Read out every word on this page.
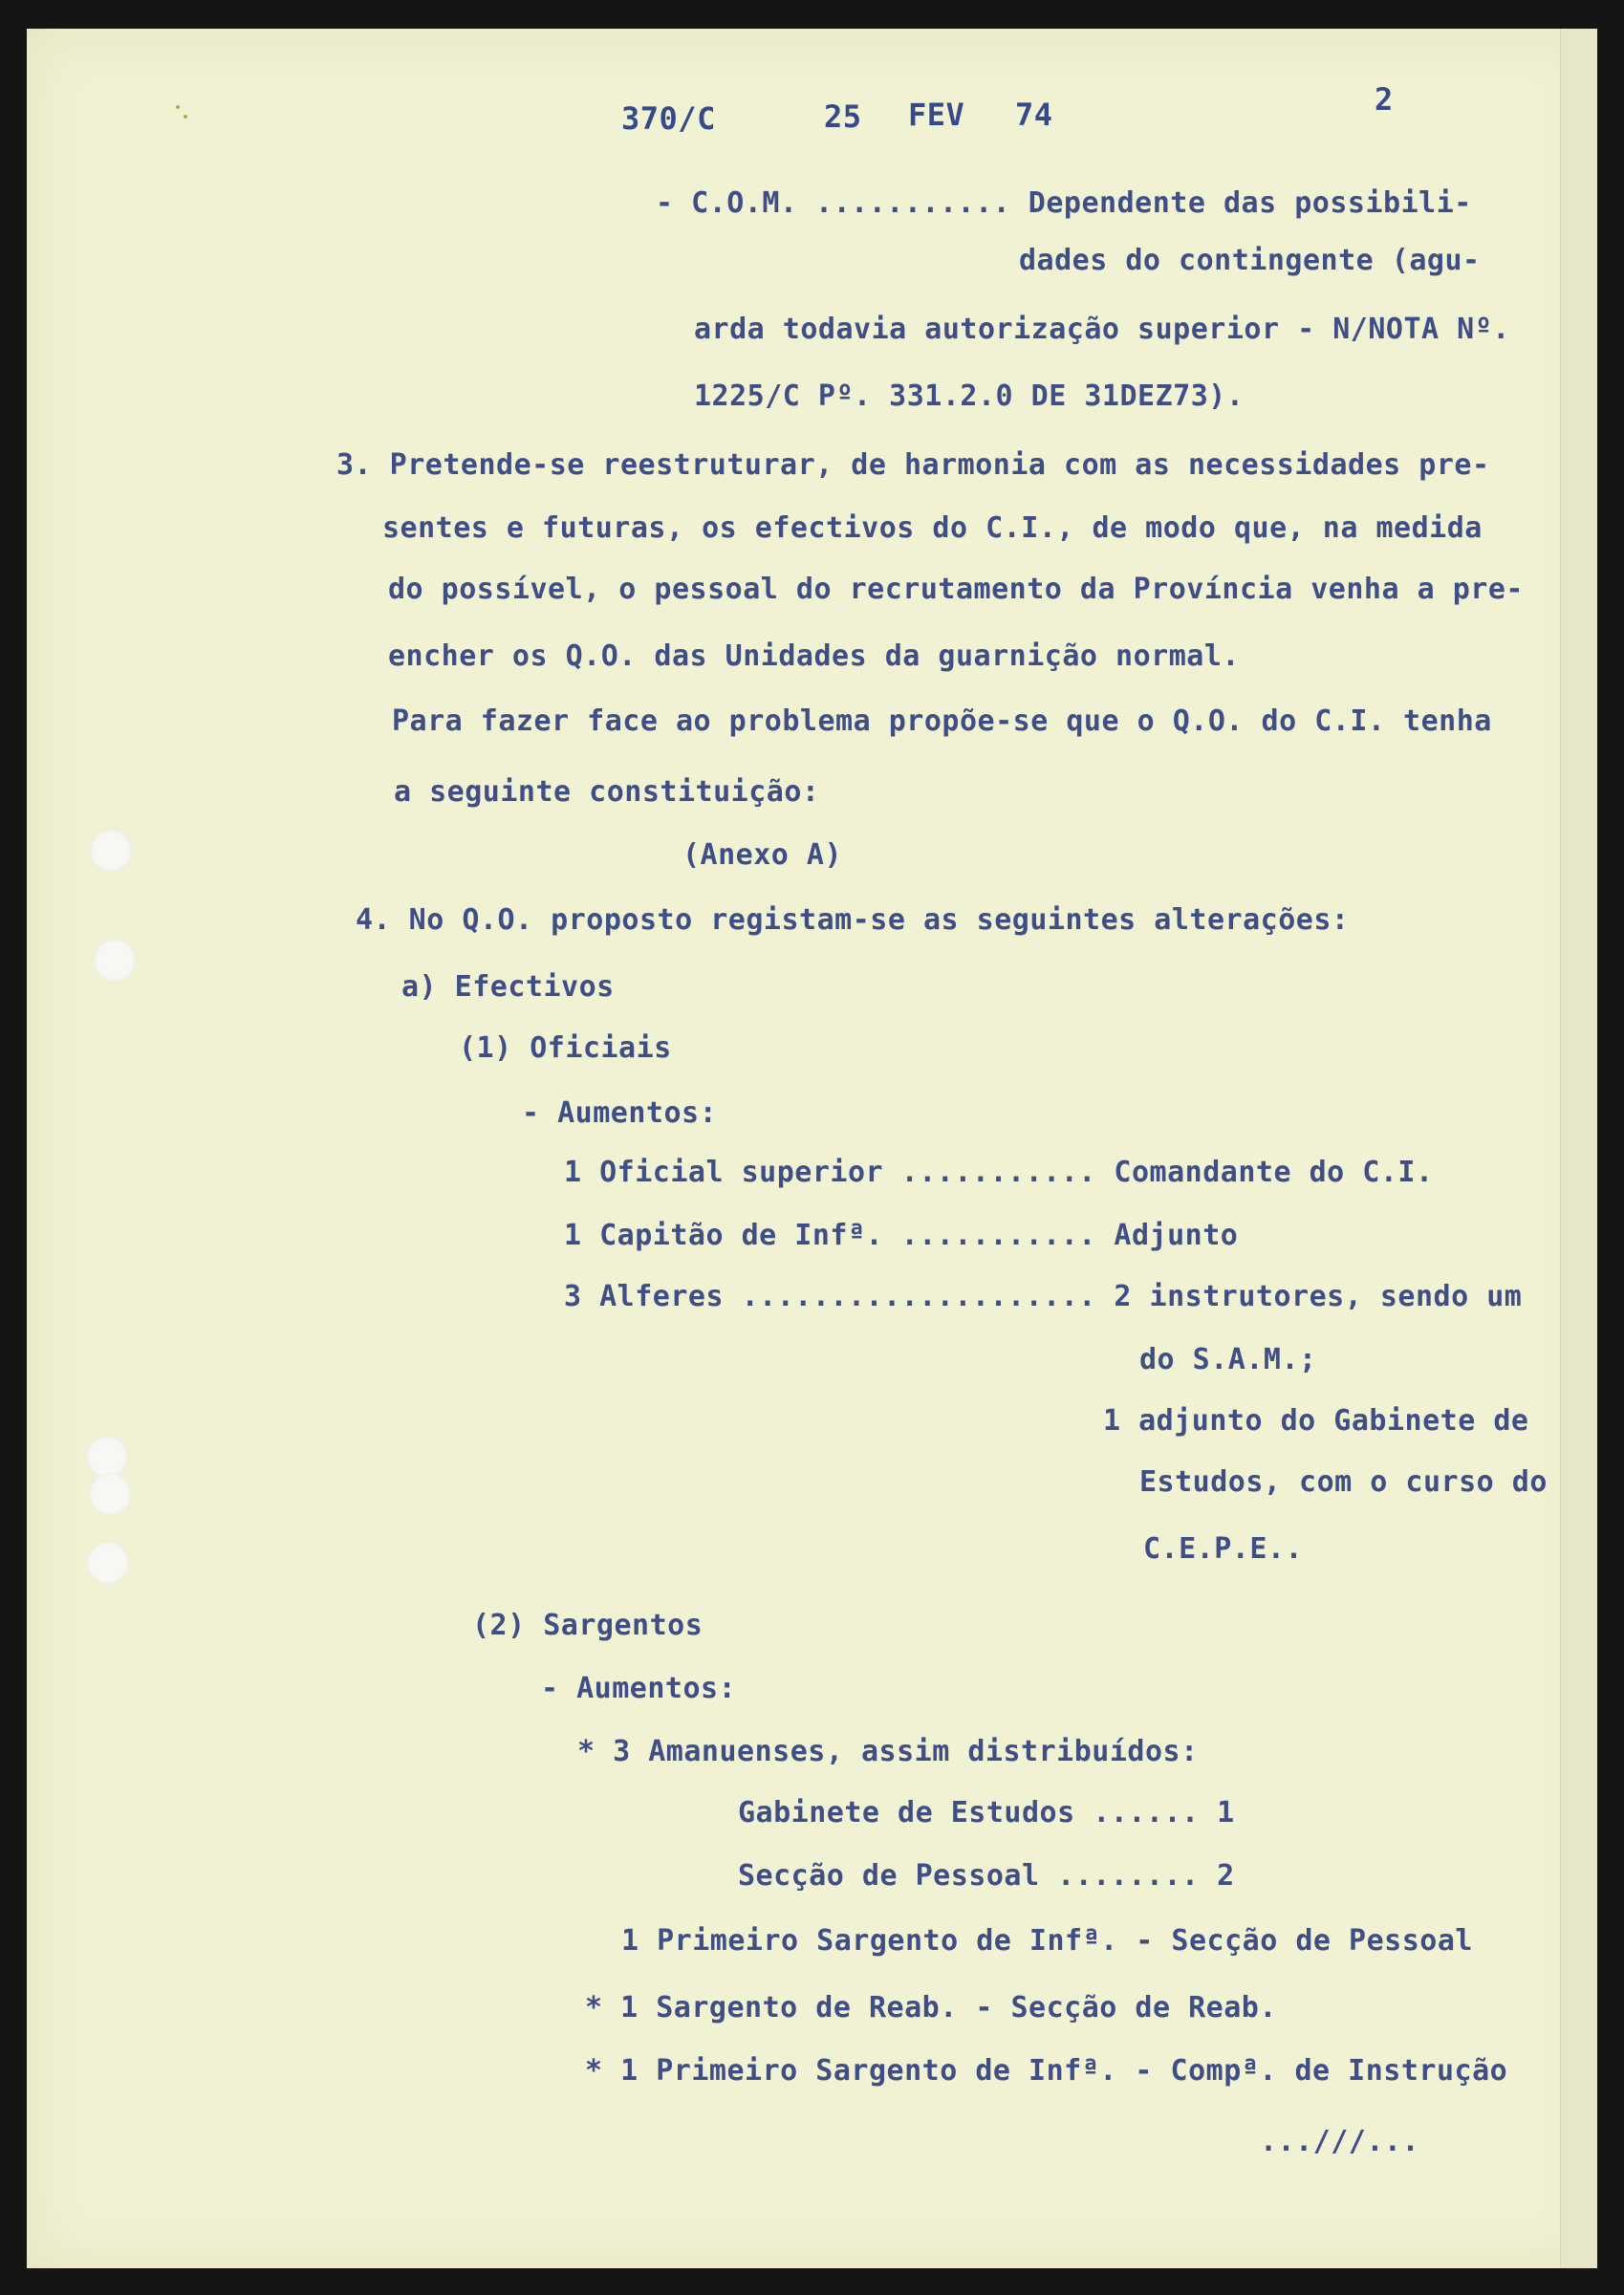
370/C	25 FEV 74	2
- C.O.M. ........... Dependente das possibili-
dades do contingente (agu-
arda todavia autorização superior - N/NOTA Nº.
1225/C Pº. 331.2.0 DE 31DEZ73).
3. Pretende-se reestruturar, de harmonia com as necessidades pre-
sentes e futuras, os efectivos do C.I., de modo que, na medida
do possível, o pessoal do recrutamento da Província venha a pre-
encher os Q.O. das Unidades da guarnição normal.
Para fazer face ao problema propõe-se que o Q.O. do C.I. tenha
a seguinte constituição:
(Anexo A)
4. No Q.O. proposto registam-se as seguintes alterações:
a) Efectivos
(1) Oficiais
- Aumentos:
1 Oficial superior ........... Comandante do C.I.
1 Capitão de Infª. ........... Adjunto
3 Alferes .................... 2 instrutores, sendo um
do S.A.M.;
1 adjunto do Gabinete de
Estudos, com o curso do
C.E.P.E..
(2) Sargentos
- Aumentos:
* 3 Amanuenses, assim distribuídos:
Gabinete de Estudos ...... 1
Secção de Pessoal ........ 2
1 Primeiro Sargento de Infª. - Secção de Pessoal
* 1 Sargento de Reab. - Secção de Reab.
* 1 Primeiro Sargento de Infª. - Compª. de Instrução
...///...
